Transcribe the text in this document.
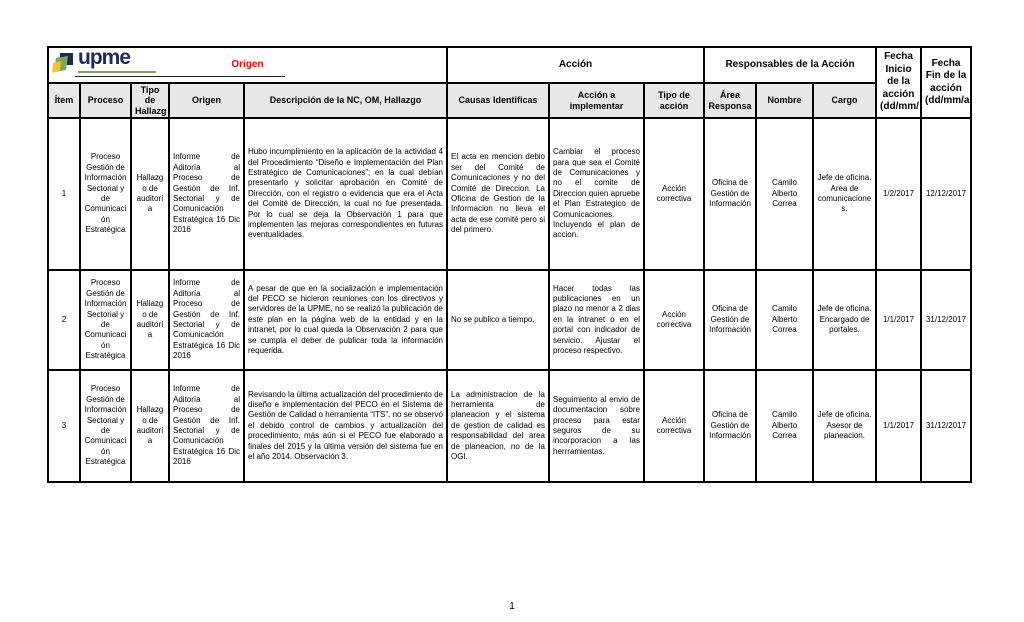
upme	Origen					Acción			Responsables de la Acción			Fecha Inicio de la acción (dd/mm/	Fecha Fin de la acción (dd/mm/a
Ítem	Proceso	Tipo de Hallazg	Origen	Descripción de la NC, OM, Hallazgo	Causas Identificas	Acción a implementar	Tipo de acción	Área Responsa	Nombre	Cargo		
1	Proceso Gestión de Información Sectorial y de Comunicación Estratégica	Hallazgo de auditoría	Informe de Aditoría al Proceso de Gestión de Inf. Sectorial y de Comunicación Estratégica 16 Dic 2016	Hubo incumplimiento en la aplicación de la actividad 4 del Procedimiento “Diseño e Implementación del Plan Estratégico de Comunicaciones”; en la cual debían presentarlo y solicitar aprobación en Comité de Dirección, con el registro o evidencia que era el Acta del Comité de Dirección, la cual no fue presentada. Por lo cual se deja la Observación 1 para que implementen las mejoras correspondientes en futuras eventualidades.	El acta en mencion debio ser del Comité de Comunicaciones y no del Comité de Direccion. La Oficina de Gestion de la Informacion no lleva el acta de ese comité pero si del primero.	Cambiar el proceso para que sea el Comité de Comunicaciones y no el comite de Direccion quien apruebe el Plan Estrategico de Comunicaciones. Incluyendo el plan de accion.	Acción correctiva	Oficina de Gestión de Información	Camilo Alberto Correa	Jefe de oficina. Area de comunicaciones.	1/2/2017	12/12/2017
2	Proceso Gestión de Información Sectorial y de Comunicación Estratégica	Hallazgo de auditoría	Informe de Aditoría al Proceso de Gestión de Inf. Sectorial y de Comunicación Estratégica 16 Dic 2016	A pesar de que en la socialización e implementación del PECO se hicieron reuniones con los directivos y servidores de la UPME, no se realizó la publicación de este plan en la página web de la entidad y en la intranet, por lo cual queda la Observación 2 para que se cumpla el deber de publicar toda la información requerida.	No se publico a tiempo.	Hacer todas las publicaciones en un plazo no menor a 2 dias en la intranet o en el portal con indicador de servicio. Ajustar el proceso respectivo.	Acción correctiva	Oficina de Gestión de Información	Camilo Alberto Correa	Jefe de oficina. Encargado de portales.	1/1/2017	31/12/2017
3	Proceso Gestión de Información Sectorial y de Comunicación Estratégica	Hallazgo de auditoría	Informe de Aditoría al Proceso de Gestión de Inf. Sectorial y de Comunicación Estratégica 16 Dic 2016	Revisando la última actualización del procedimiento de diseño e implementación del PECO en el Sistema de Gestión de Calidad o herramienta “ITS”, no se observó el debido control de cambios y actualización del procedimiento, más aún si el PECO fue elaborado a finales del 2015 y la última versión del sistema fue en el año 2014. Observación 3.	La administracion de la herramienta de planeacion y el sistema de gestion de calidad es responsabilidad del area de planeacion, no de la OGI.	Seguimiento al envio de documentacion sobre proceso para estar seguros de su incorporacion a las herrramientas.	Acción correctiva	Oficina de Gestión de Información	Camilo Alberto Correa	Jefe de oficina. Asesor de planeacion.	1/1/2017	31/12/2017
1
